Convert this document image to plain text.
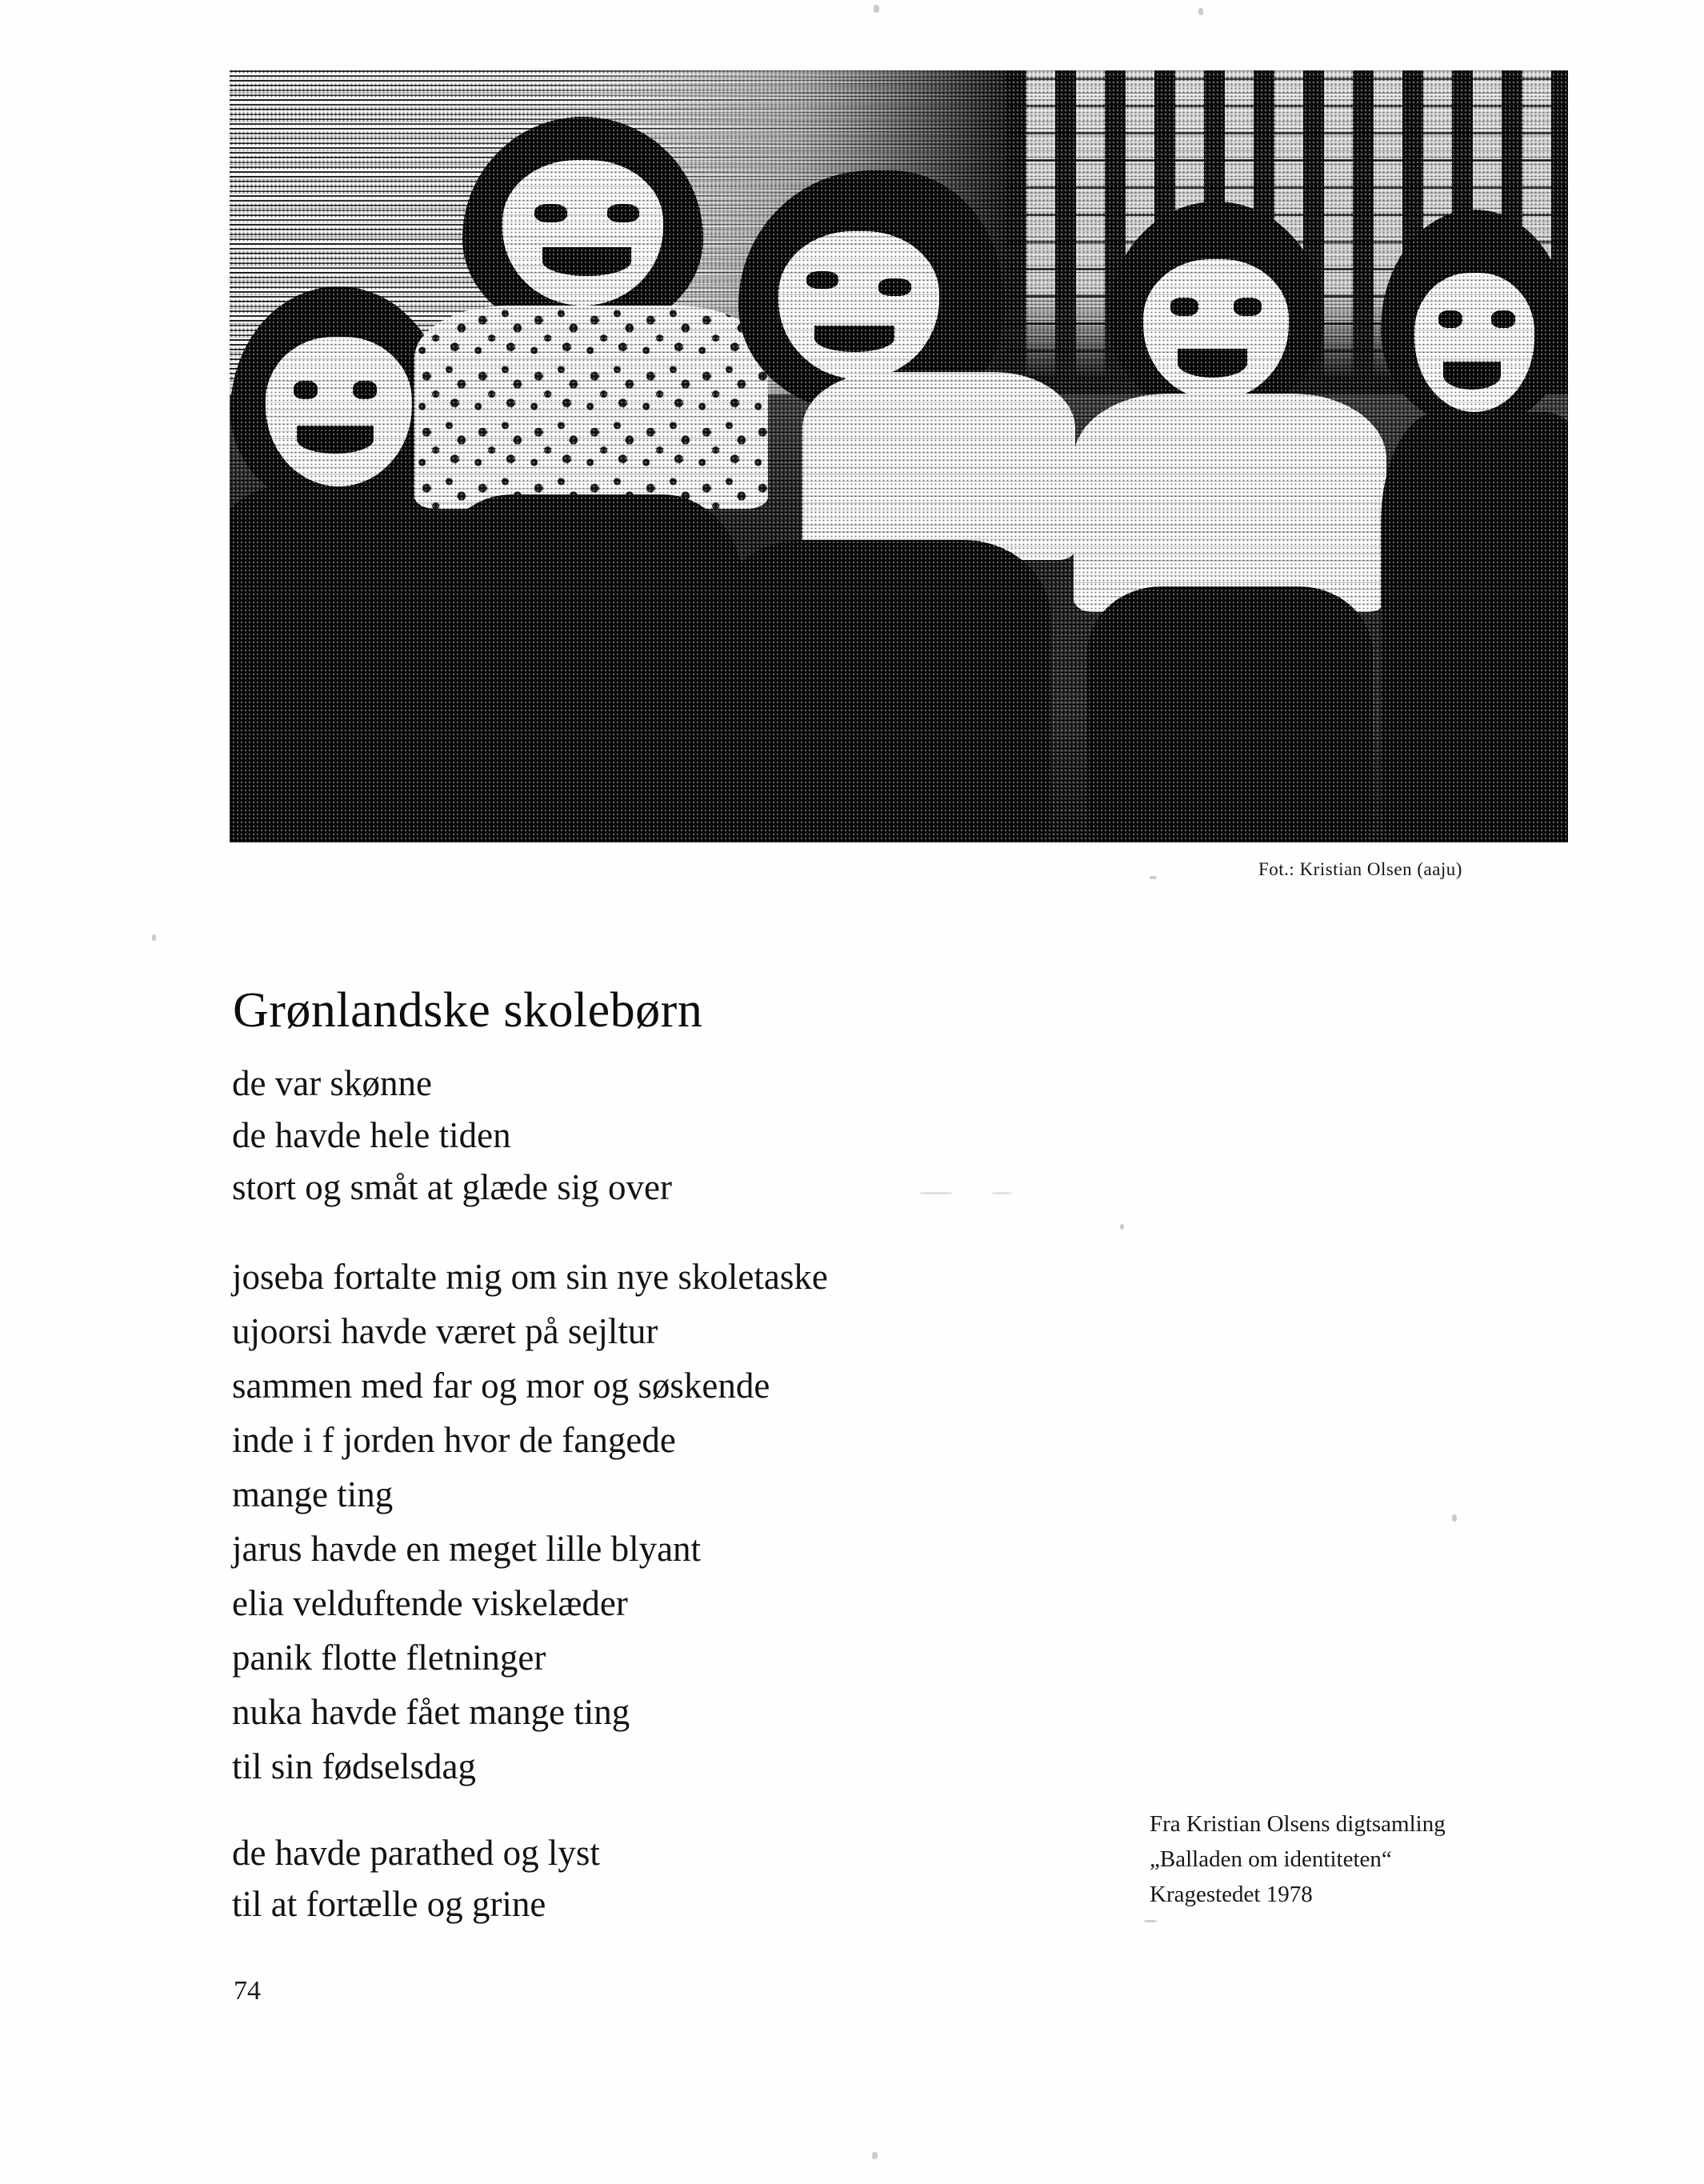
Fot.: Kristian Olsen (aaju)
Grønlandske skolebørn
de var skønne
de havde hele tiden
stort og småt at glæde sig over
joseba fortalte mig om sin nye skoletaske
ujoorsi havde været på sejltur
sammen med far og mor og søskende
inde i f jorden hvor de fangede
mange ting
jarus havde en meget lille blyant
elia velduftende viskelæder
panik flotte fletninger
nuka havde fået mange ting
til sin fødselsdag
de havde parathed og lyst
til at fortælle og grine
Fra Kristian Olsens digtsamling
„Balladen om identiteten“
Kragestedet 1978
74
